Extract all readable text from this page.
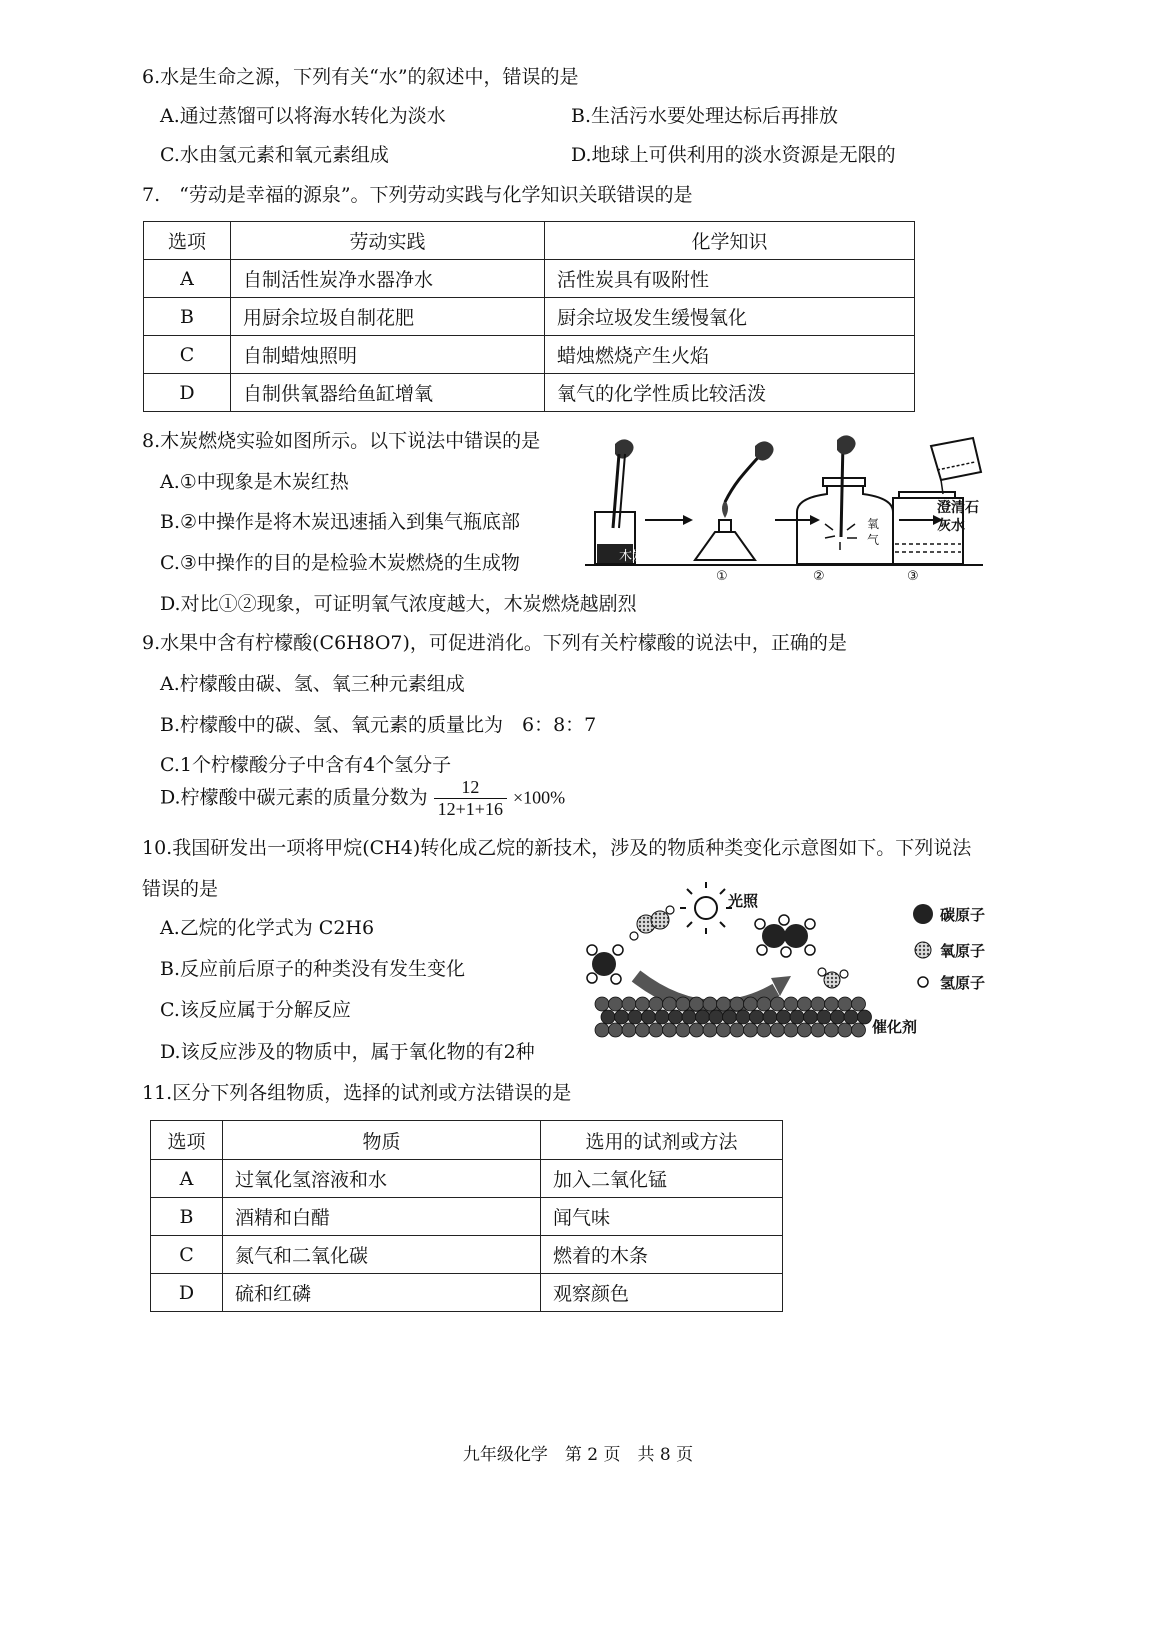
6.水是生命之源，下列有关“水”的叙述中，错误的是
A.通过蒸馏可以将海水转化为淡水	B.生活污水要处理达标后再排放
C.水由氢元素和氧元素组成	D.地球上可供利用的淡水资源是无限的
7.　“劳动是幸福的源泉”。下列劳动实践与化学知识关联错误的是
选项	劳动实践	化学知识
A	自制活性炭净水器净水	活性炭具有吸附性
B	用厨余垃圾自制花肥	厨余垃圾发生缓慢氧化
C	自制蜡烛照明	蜡烛燃烧产生火焰
D	自制供氧器给鱼缸增氧	氧气的化学性质比较活泼
8.木炭燃烧实验如图所示。以下说法中错误的是
A.①中现象是木炭红热
B.②中操作是将木炭迅速插入到集气瓶底部
C.③中操作的目的是检验木炭燃烧的生成物
D.对比①②现象，可证明氧气浓度越大，木炭燃烧越剧烈
木炭
①
氧
气
②
澄清石
灰水
③
9.水果中含有柠檬酸(C6H8O7)，可促进消化。下列有关柠檬酸的说法中，正确的是
A.柠檬酸由碳、氢、氧三种元素组成
B.柠檬酸中的碳、氢、氧元素的质量比为　6：8：7
C.1个柠檬酸分子中含有4个氢分子
D.柠檬酸中碳元素的质量分数为 $\frac{12}{12+1+16} \times 100\%$
10.我国研发出一项将甲烷(CH4)转化成乙烷的新技术，涉及的物质种类变化示意图如下。下列说法
错误的是
A.乙烷的化学式为 C2H6
B.反应前后原子的种类没有发生变化
C.该反应属于分解反应
D.该反应涉及的物质中，属于氧化物的有2种
光照
催化剂
碳原子
氧原子
氢原子
11.区分下列各组物质，选择的试剂或方法错误的是
选项	物质	选用的试剂或方法
A	过氧化氢溶液和水	加入二氧化锰
B	酒精和白醋	闻气味
C	氮气和二氧化碳	燃着的木条
D	硫和红磷	观察颜色
九年级化学　第 2 页　共 8 页
